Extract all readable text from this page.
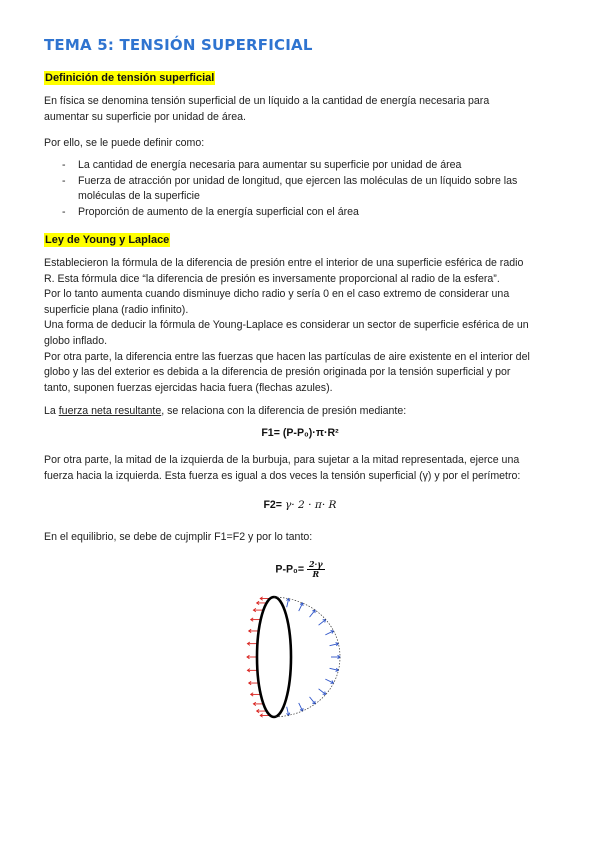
TEMA 5: TENSIÓN SUPERFICIAL
Definición de tensión superficial
En física se denomina tensión superficial de un líquido a la cantidad de energía necesaria para
aumentar su superficie por unidad de área.
Por ello, se le puede definir como:
- La cantidad de energía necesaria para aumentar su superficie por unidad de área
- Fuerza de atracción por unidad de longitud, que ejercen las moléculas de un líquido sobre las
moléculas de la superficie
- Proporción de aumento de la energía superficial con el área
Ley de Young y Laplace
Establecieron la fórmula de la diferencia de presión entre el interior de una superficie esférica de radio
R. Esta fórmula dice “la diferencia de presión es inversamente proporcional al radio de la esfera”.
Por lo tanto aumenta cuando disminuye dicho radio y sería 0 en el caso extremo de considerar una
superficie plana (radio infinito).
Una forma de deducir la fórmula de Young-Laplace es considerar un sector de superficie esférica de un
globo inflado.
Por otra parte, la diferencia entre las fuerzas que hacen las partículas de aire existente en el interior del
globo y las del exterior es debida a la diferencia de presión originada por la tensión superficial y por
tanto, suponen fuerzas ejercidas hacia fuera (flechas azules).
La fuerza neta resultante, se relaciona con la diferencia de presión mediante:
F1= (P-P₀)·π·R²
Por otra parte, la mitad de la izquierda de la burbuja, para sujetar a la mitad representada, ejerce una
fuerza hacia la izquierda. Esta fuerza es igual a dos veces la tensión superficial (γ) y por el perímetro:
F2= γ· 2 · π· R
En el equilibrio, se debe de cujmplir F1=F2 y por lo tanto:
$P-P_0= \frac{2\cdot\gamma}{R}$
